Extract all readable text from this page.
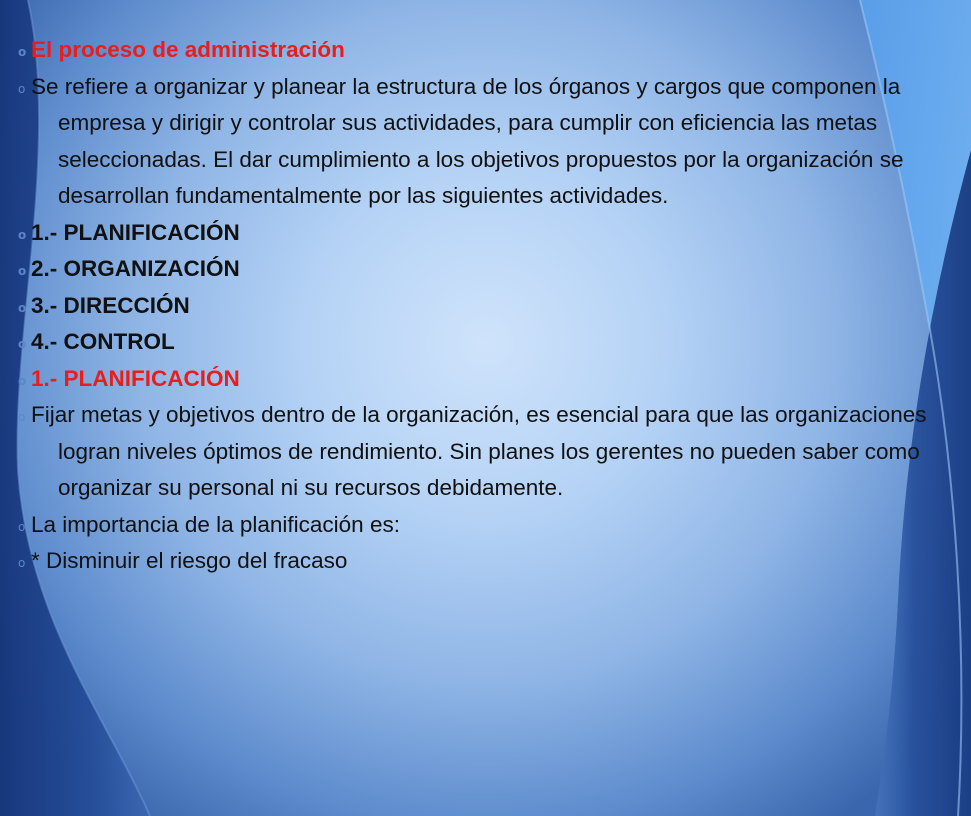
o El proceso de administración

o Se refiere a organizar y planear la estructura de los órganos y cargos que componen la empresa y dirigir y controlar sus actividades, para cumplir con eficiencia las metas seleccionadas. El dar cumplimiento a los objetivos propuestos por la organización se desarrollan fundamentalmente por las siguientes actividades.

o 1.- PLANIFICACIÓN

o 2.- ORGANIZACIÓN

o 3.- DIRECCIÓN

o 4.- CONTROL

o 1.- PLANIFICACIÓN

o Fijar metas y objetivos dentro de la organización, es esencial para que las organizaciones logran niveles óptimos de rendimiento. Sin planes los gerentes no pueden saber como organizar su personal ni su recursos debidamente.

o La importancia de la planificación es:

o * Disminuir el riesgo del fracaso
